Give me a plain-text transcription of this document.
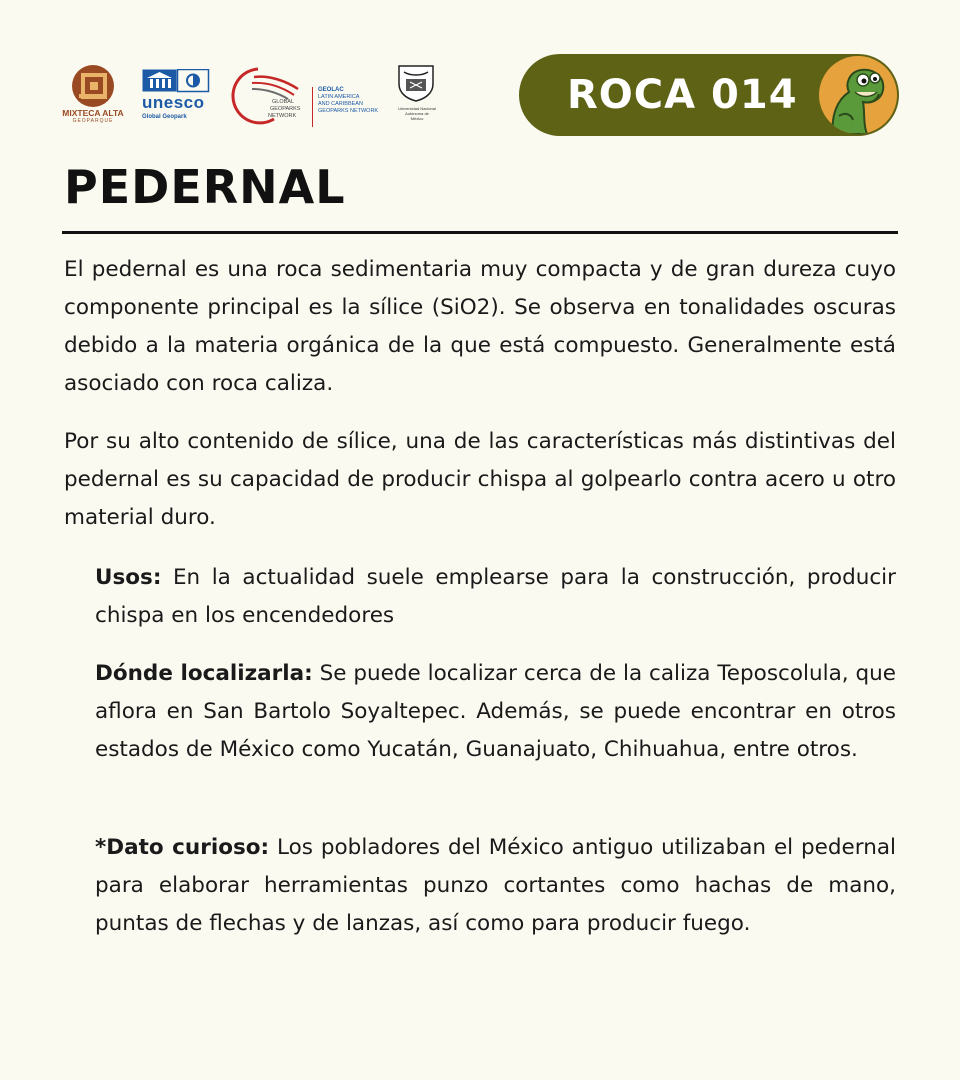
MIXTECA ALTA
GEOPARQUE
unesco
Global Geopark
GLOBAL
GEOPARKS
NETWORK
GEOLAC
LATIN AMERICA
AND CARIBBEAN
GEOPARKS NETWORK	Universidad Nacional
Autónoma de
México
ROCA 014
PEDERNAL

El pedernal es una roca sedimentaria muy compacta y de gran dureza cuyo componente principal es la sílice (SiO2). Se observa en tonalidades oscuras debido a la materia orgánica de la que está compuesto. Generalmente está asociado con roca caliza.

Por su alto contenido de sílice, una de las características más distintivas del pedernal es su capacidad de producir chispa al golpearlo contra acero u otro material duro.

Usos: En la actualidad suele emplearse para la construcción, producir chispa en los encendedores

Dónde localizarla: Se puede localizar cerca de la caliza Teposcolula, que aflora en San Bartolo Soyaltepec. Además, se puede encontrar en otros estados de México como Yucatán, Guanajuato, Chihuahua, entre otros.

*Dato curioso: Los pobladores del México antiguo utilizaban el pedernal para elaborar herramientas punzo cortantes como hachas de mano, puntas de flechas y de lanzas, así como para producir fuego.
